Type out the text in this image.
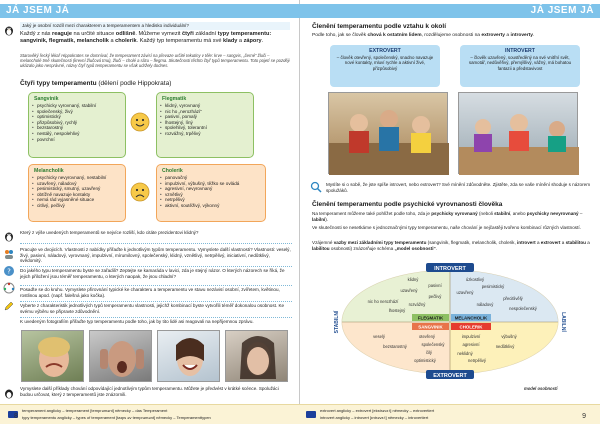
JÁ JSEM JÁ
?
Jaký je osobní rozdíl mezi charakterem a temperamentem a hledisko individuální?
Každý z nás reaguje na určité situace odlišně. Můžeme vymezit čtyři základní typy temperamentu: sangvinik, flegmatik, melancholik a cholerik. Každý typ temperamentu má své klady a zápory.
Starověký řecký lékař Hippokrates se domníval, že temperament závisí na převaze určité tekutiny v těle: krve – sangvis, „černé“ žluči – melancholé tmě skutečnosti (krevní žlučová tmu), žluči – cholé a slizu – flegma. Skutečnosti těchto čtyř typů temperamentu. Toto pojetí se později ukázalo jako nesprávné, názvy čtyř typů temperamentu se však udržely dodnes.
Čtyři typy temperamentu (dělení podle Hippokrata)
Sangvinik
• psychicky vyrovnaný, stabilní
• společenský, živý
• optimistický
• přizpůsobivý, rychlý
• bezstarostný
• nestálý, nespolehlivý
• povrchní
Flegmatik
• klidný, vyrovnaný
• nic ho „nerozhází“
• pasivní, pomalý
• lhostejný, líný
• spolehlivý, tolerantní
• rozvážný, trpělivý
Melancholik
• psychicky nevyrovnaný, nestabilní
• uzavřený, náladový
• pesimistický, smutný, uzavřený
• obtížně navazuje kontakty
• nemá rád vyjasněné situace
• citlivý, pečlivý
Cholerik
• panovačný
• impulzivní, výbušný, těžko se ovládá
• agresivní, nevyrovnaný
• vznětlivý
• netrpělivý
• aktivní, soutěživý, výkonný
Který z výše uvedených temperamentů se nejvíce rozliší, kdo citáte prezidentovi klidný?
Pracujte ve dvojicích. Vlastnosti z nabídky přiřaďte k jednotlivým typům temperamentu. Vymyslete další vlastnosti? Vlastnosti: veselý, živý, pasivní, náladový, vyrovnaný, impulzivní, mírumilovný, společenský, klidný, vznětlivý, netrpělivý, iniciativní, nedůtklivý, svědomitý.
Do jakého typu temperamentu byste se zařadili? Zeptejte se kamaráda v lavici, zda je stejný názor. O kterých názorech se říká, že jejich přiložení jsou téměř temperamentu, o kterých naopak, že jsou chladní?
Posaďte se do kruhu. Vymyslete přirovnání typické ke charakteru a temperamentu ve stavu nezávisí osobní, zvířetem, květinou, rostlinou apod. (např. falešná jako kočka).
Vyberte z charakteristik jednotlivých typů temperamentu vlastnosti, jejichž kombinací byste vytvořili téměř dokonalou osobnost. Ke svému výběru se připravte zdůvodnění.
K uvedeným fotografiím přiřaďte typ temperamentu podle toho, jak by tito lidé asi reagovali na nepříjemnou zprávu.
Vymyslete další příklady chování odpovídající jednotlivým typům temperamentu. Můžete je předvést v krátké scénce. Spolužáci budou určovat, který z temperamentů jste znázornili.
temperament anglicky – temperament [temprəmənt] německy – das Temperament
typy temperamentu anglicky – types of temperament [taɪps əv temprəmənt] německy – Temperamenttypen
8
JÁ JSEM JÁ
Členění temperamentu podle vztahu k okolí
Podle toho, jak se člověk chová k ostatním lidem, rozdělujeme osobnosti na extroverty a introverty.
EXTROVERT
– člověk otevřený, společenský, snadno navazuje nové kontakty, mluví rychle a aktivní živé, přizpůsobivý
INTROVERT
– člověk uzavřený, soustředěný na své vnitřní svět, samotář, nedůvěřivý, přemýšlivý, vážný, má bohatou fantazii a představivost
Myslíte si o sobě, že jste spíše introvert, nebo extrovert? Své mínění zdůvodněte. Zjistěte, zda se vaše mínění shoduje s názorem spolužáků.
Členění temperamentu podle psychické vyrovnanosti člověka
Na temperament můžeme také pohlížet podle toho, zda je psychicky vyrovnaný (neboli stabilní, anebo psychicky nevyrovnaný – labilní).
Ve skutečnosti se nesetkáme s jednoznačnými typy temperamentu, naše chování je nejčastěji tvořeno kombinací různých vlastností.
Vzájemné vazby mezi základními typy temperamentu (sangvinik, flegmatik, melancholik, cholerik, introvert a extrovert a stabilitou a labilitou osobnosti) znázorňuje schéma „model osobnosti“.
INTROVERT
EXTROVERT
STABILNÍ	LABILNÍ
FLEGMATIK	MELANCHOLIK
SANGVINIK	CHOLERIK
klidný
pasivní
uzavřený
pečlivý
nic ho nerozhází
rozvážný
lhostejný
úzkostlivý
pesimistický
uzavřený
přecitlivělý
náladový
nespolečenský
veselý	otevřený
společenský
bezstarostný
čilý
optimistický
výbušný
impulzivní
agresivní	nedůtklivý
neklidný
netrpělivý
model osobnosti
extrovert anglicky – extrovert [ekstrəvɜːt] německy – extrovertiert
introvert anglicky – introvert [ɪntrəvɜːt] německy – introvertiert	9
